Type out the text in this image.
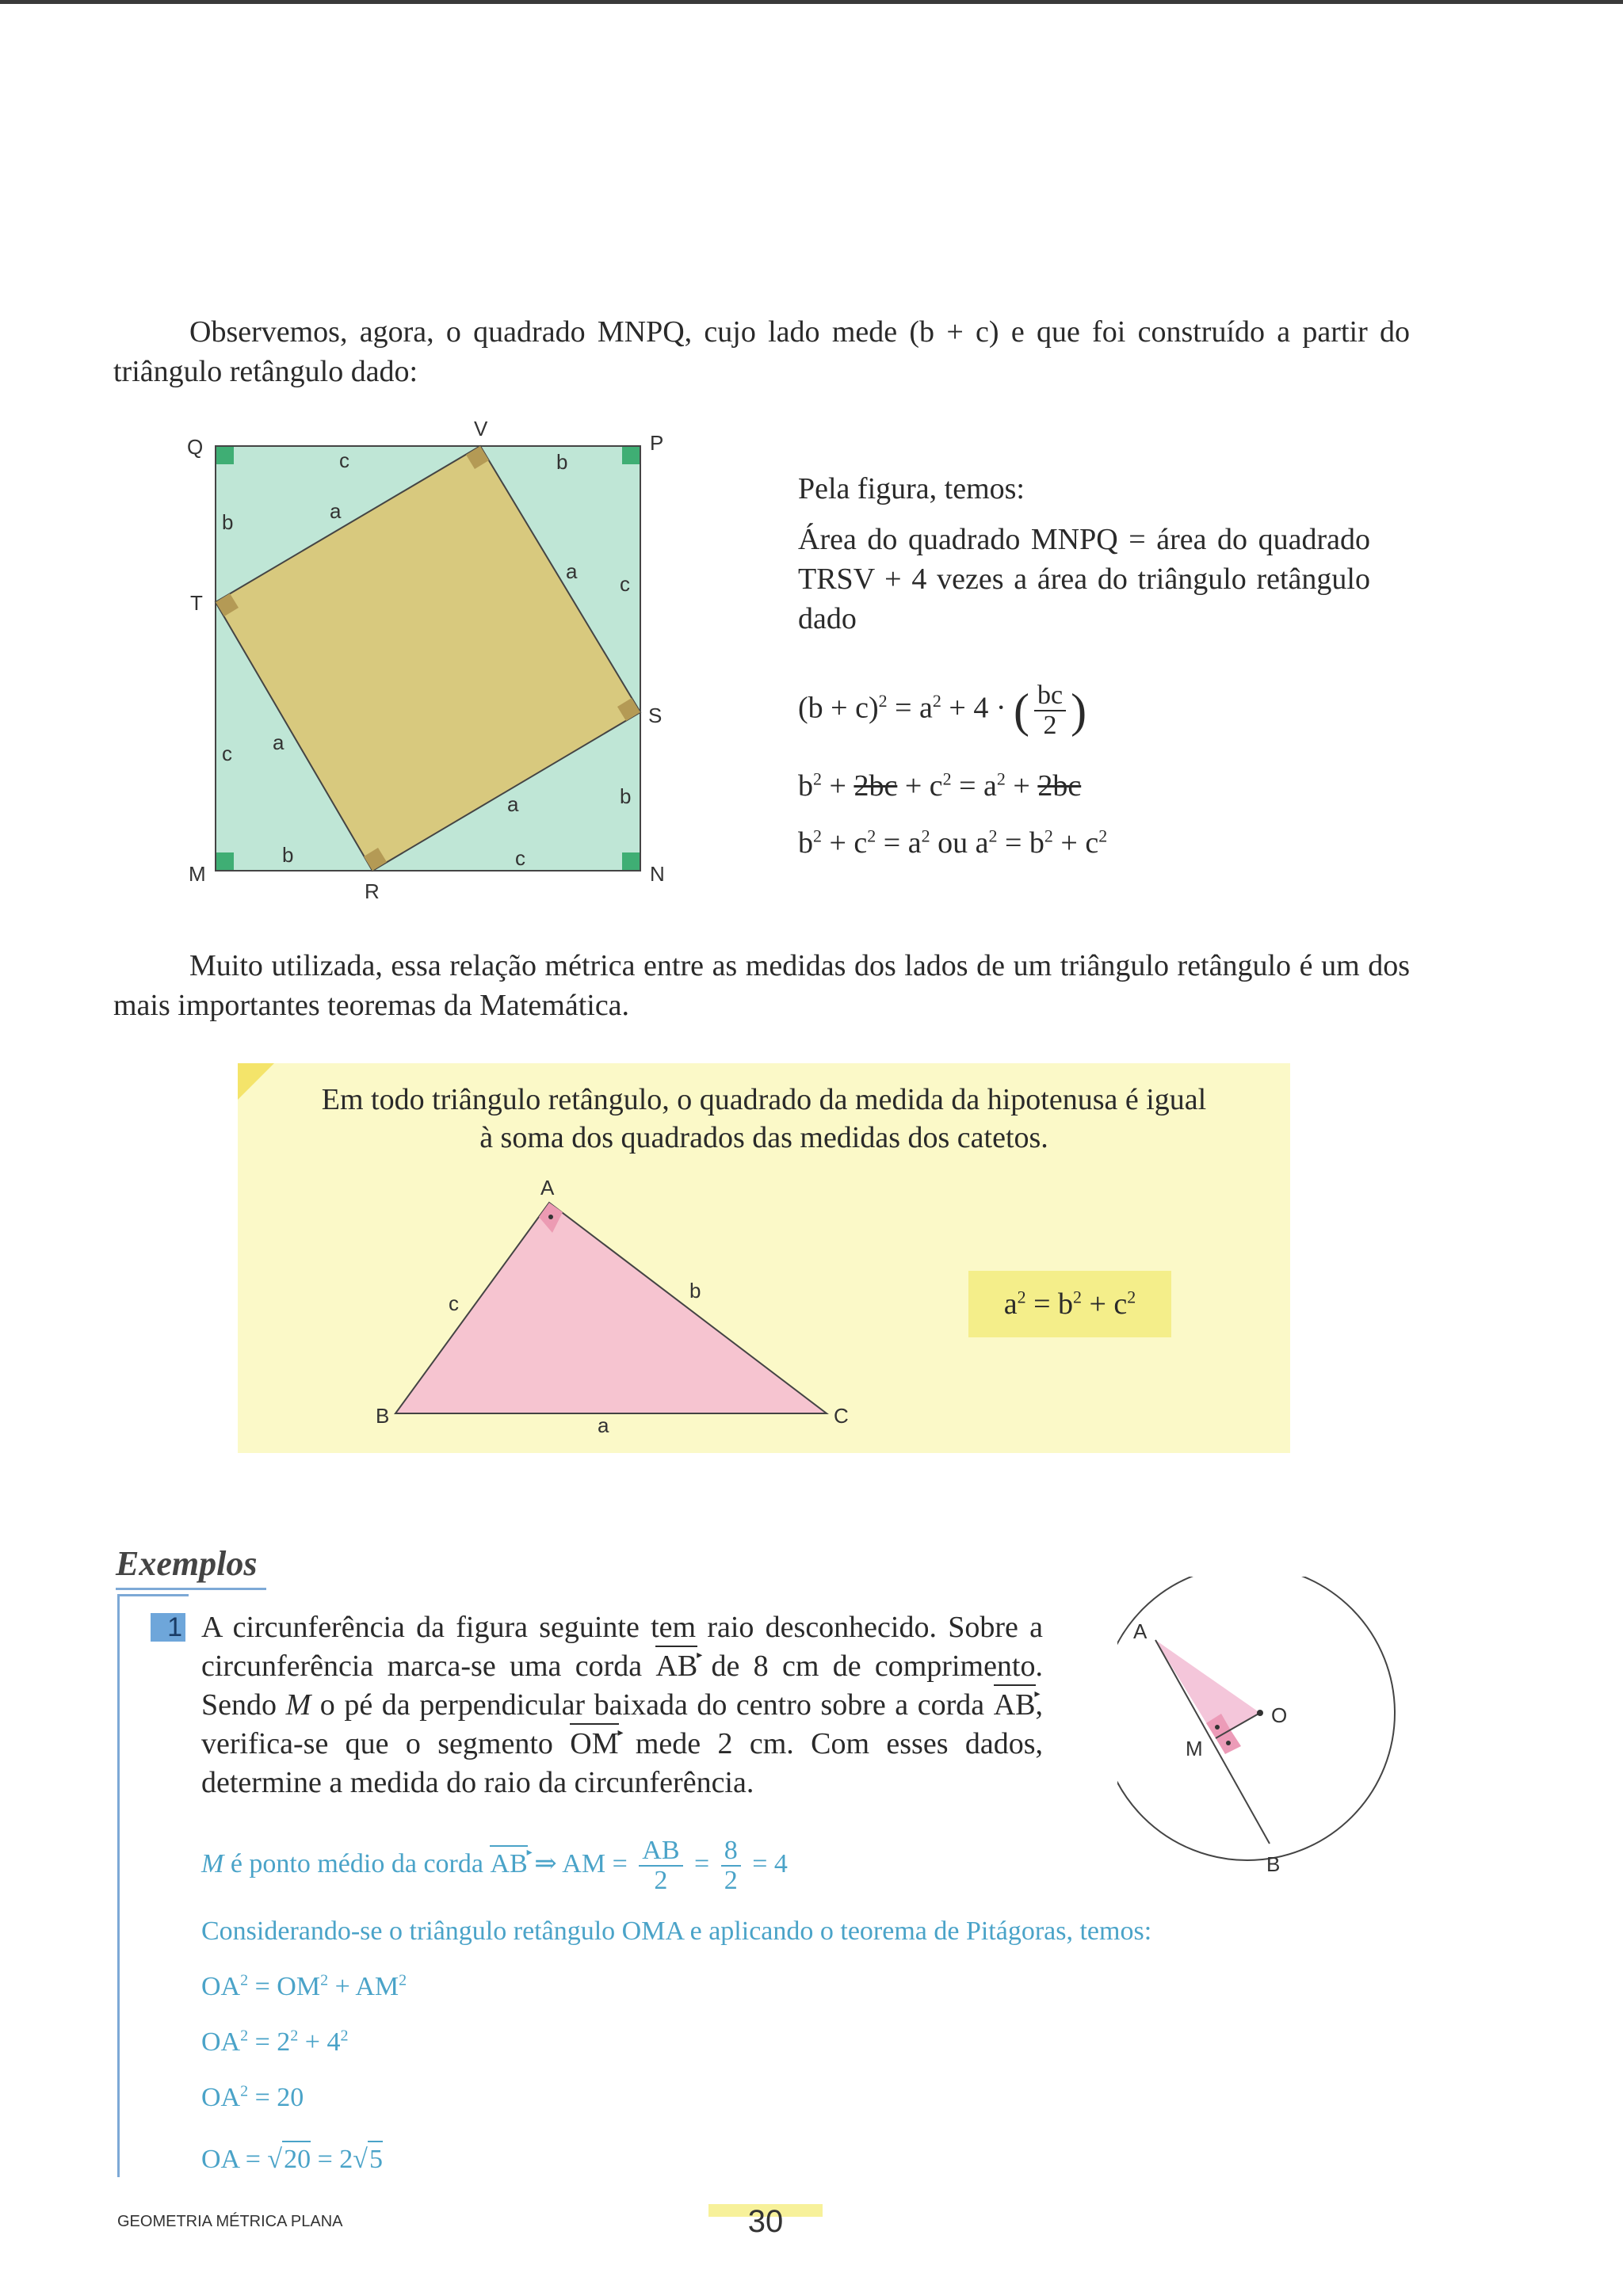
Observemos, agora, o quadrado MNPQ, cujo lado mede (b + c) e que foi construído a partir do triângulo retângulo dado:

Q
V
P
T
S
M
R
N
c	b
b
c
c
b
b	c
a
a
a
a
Pela figura, temos:

Área do quadrado MNPQ = área do quadrado TRSV + 4 vezes a área do triângulo retângulo dado

$(b + c)^2 = a^2 + 4$ · ( $\frac{bc}{2}$ )
$b^2 + 2bc + c^2 = a^2 + 2bc$
$b^2 + c^2 = a^2$ ou $a^2 = b^2 + c^2$

Muito utilizada, essa relação métrica entre as medidas dos lados de um triângulo retângulo é um dos mais importantes teoremas da Matemática.

Em todo triângulo retângulo, o quadrado da medida da hipotenusa é igual
à soma dos quadrados das medidas dos catetos.
A
B	C
a
b
c	$a^2 = b^2 + c^2$
Exemplos
1 A circunferência da figura seguinte tem raio desconhecido. Sobre a circunferência marca-se uma corda AB ▸ de 8 cm de comprimento. Sendo M o pé da perpendicular baixada do centro sobre a corda AB ▸, verifica-se que o segmento OM ▸ mede 2 cm. Com esses dados, determine a medida do raio da circunferência.
A
B
M
O
M é ponto médio da corda AB ▸ ⇒ AM = $\frac{AB}{2} = \frac{8}{2} = 4$
Considerando-se o triângulo retângulo OMA e aplicando o teorema de Pitágoras, temos:
$OA^2 = OM^2 + AM^2$
$OA^2 = 2^2 + 4^2$
$OA^2 = 20$
OA = √20 = 2√5
GEOMETRIA MÉTRICA PLANA	30
